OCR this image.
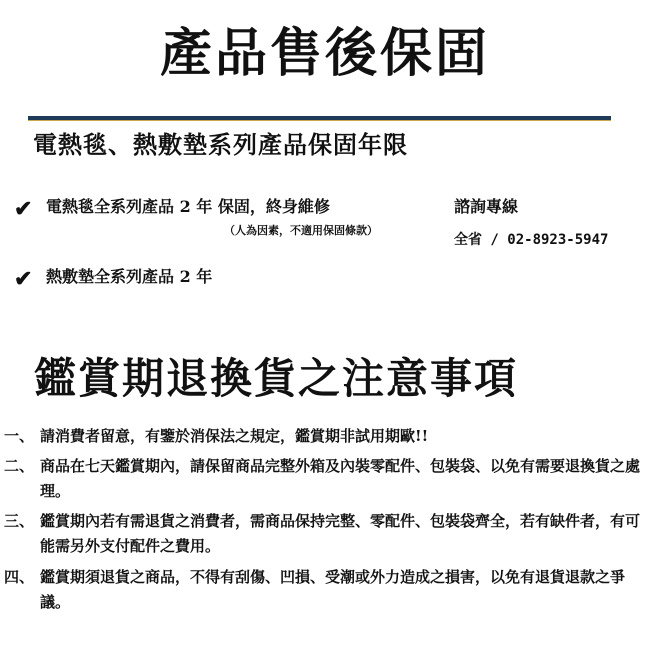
產品售後保固
電熱毯、熱敷墊系列產品保固年限
✔ 電熱毯全系列產品 2 年 保固，終身維修
（人為因素，不適用保固條款）
諮詢專線
全省 / 02-8923-5947
✔ 熱敷墊全系列產品 2 年
鑑賞期退換貨之注意事項
一、 請消費者留意，有鑒於消保法之規定，鑑賞期非試用期歐!!
二、 商品在七天鑑賞期內，請保留商品完整外箱及內裝零配件、包裝袋、以免有需要退換貨之處理。
三、 鑑賞期內若有需退貨之消費者，需商品保持完整、零配件、包裝袋齊全，若有缺件者，有可能需另外支付配件之費用。
四、 鑑賞期須退貨之商品，不得有刮傷、凹損、受潮或外力造成之損害，以免有退貨退款之爭議。
